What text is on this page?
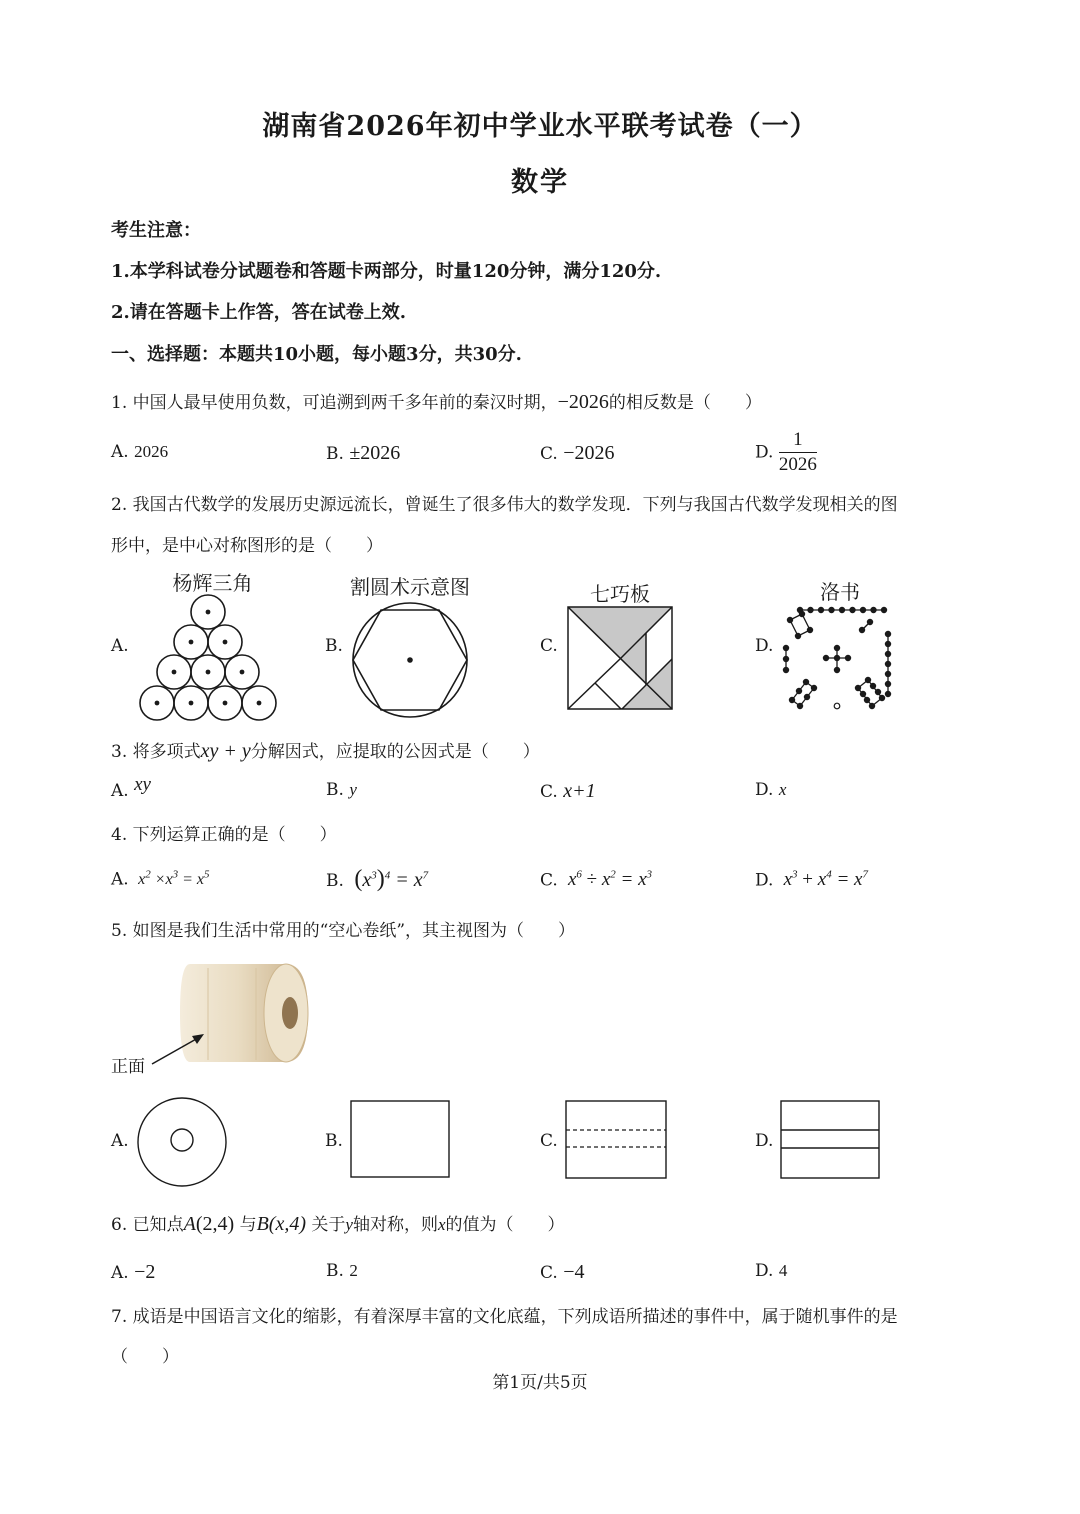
湖南省2026年初中学业水平联考试卷（一）
数学
考生注意：
1.本学科试卷分试题卷和答题卡两部分，时量120分钟，满分120分.
2.请在答题卡上作答，答在试卷上效.
一、选择题：本题共10小题，每小题3分，共30分.
1. 中国人最早使用负数，可追溯到两千多年前的秦汉时期，−2026的相反数是（　　）
A. 2026	B. ±2026	C. −2026	D. $\frac{1}{2026}$
2. 我国古代数学的发展历史源远流长，曾诞生了很多伟大的数学发现．下列与我国古代数学发现相关的图
形中，是中心对称图形的是（　　）
A.
杨辉三角
B.
割圆术示意图
C.
七巧板
D.
洛书
3. 将多项式xy + y分解因式，应提取的公因式是（　　）
A. xy	B. y	C. x+1	D. x
4. 下列运算正确的是（　　）
A.  $x^2 \times x^3 = x^5$	B. $(x^3)^4 = x^7$	C.  $x^6 \div x^2 = x^3$	D.  $x^3 + x^4 = x^7$
5. 如图是我们生活中常用的“空心卷纸”，其主视图为（　　）
正面
A.	B.	C.	D.
6. 已知点A(2,4) 与B(x,4) 关于y轴对称，则x的值为（　　）
A. −2	B. 2	C. −4	D. 4
7. 成语是中国语言文化的缩影，有着深厚丰富的文化底蕴，下列成语所描述的事件中，属于随机事件的是
（　　）
第1页/共5页
